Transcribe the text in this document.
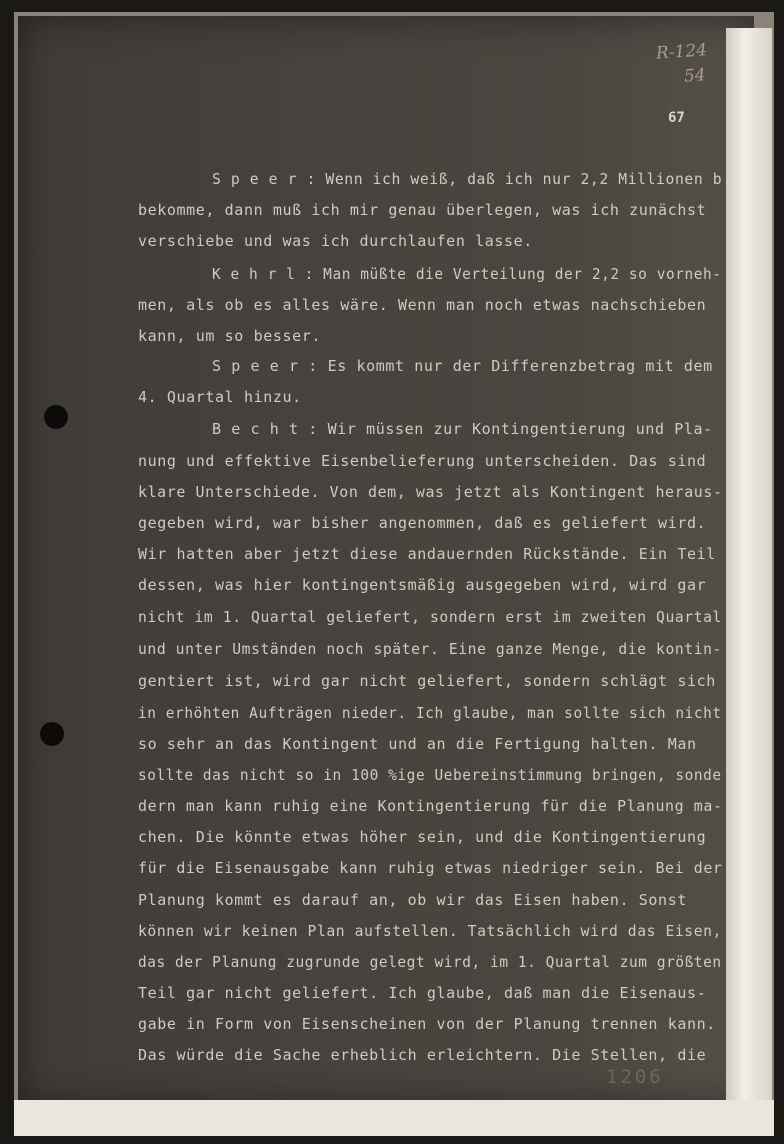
R-124
54
67
S p e e r : Wenn ich weiß, daß ich nur 2,2 Millionen b
bekomme, dann muß ich mir genau überlegen, was ich zunächst
verschiebe und was ich durchlaufen lasse.
K e h r l : Man müßte die Verteilung der 2,2 so vorneh-
men, als ob es alles wäre. Wenn man noch etwas nachschieben
kann, um so besser.
S p e e r : Es kommt nur der Differenzbetrag mit dem
4. Quartal hinzu.
B e c h t : Wir müssen zur Kontingentierung und Pla-
nung und effektive Eisenbelieferung unterscheiden. Das sind
klare Unterschiede. Von dem, was jetzt als Kontingent heraus-
gegeben wird, war bisher angenommen, daß es geliefert wird.
Wir hatten aber jetzt diese andauernden Rückstände. Ein Teil
dessen, was hier kontingentsmäßig ausgegeben wird, wird gar
nicht im 1. Quartal geliefert, sondern erst im zweiten Quartal
und unter Umständen noch später. Eine ganze Menge, die kontin-
gentiert ist, wird gar nicht geliefert, sondern schlägt sich
in erhöhten Aufträgen nieder. Ich glaube, man sollte sich nicht
so sehr an das Kontingent und an die Fertigung halten. Man
sollte das nicht so in 100 %ige Uebereinstimmung bringen, sonde
dern man kann ruhig eine Kontingentierung für die Planung ma-
chen. Die könnte etwas höher sein, und die Kontingentierung
für die Eisenausgabe kann ruhig etwas niedriger sein. Bei der
Planung kommt es darauf an, ob wir das Eisen haben. Sonst
können wir keinen Plan aufstellen. Tatsächlich wird das Eisen,
das der Planung zugrunde gelegt wird, im 1. Quartal zum größten
Teil gar nicht geliefert. Ich glaube, daß man die Eisenaus-
gabe in Form von Eisenscheinen von der Planung trennen kann.
Das würde die Sache erheblich erleichtern. Die Stellen, die
1206
